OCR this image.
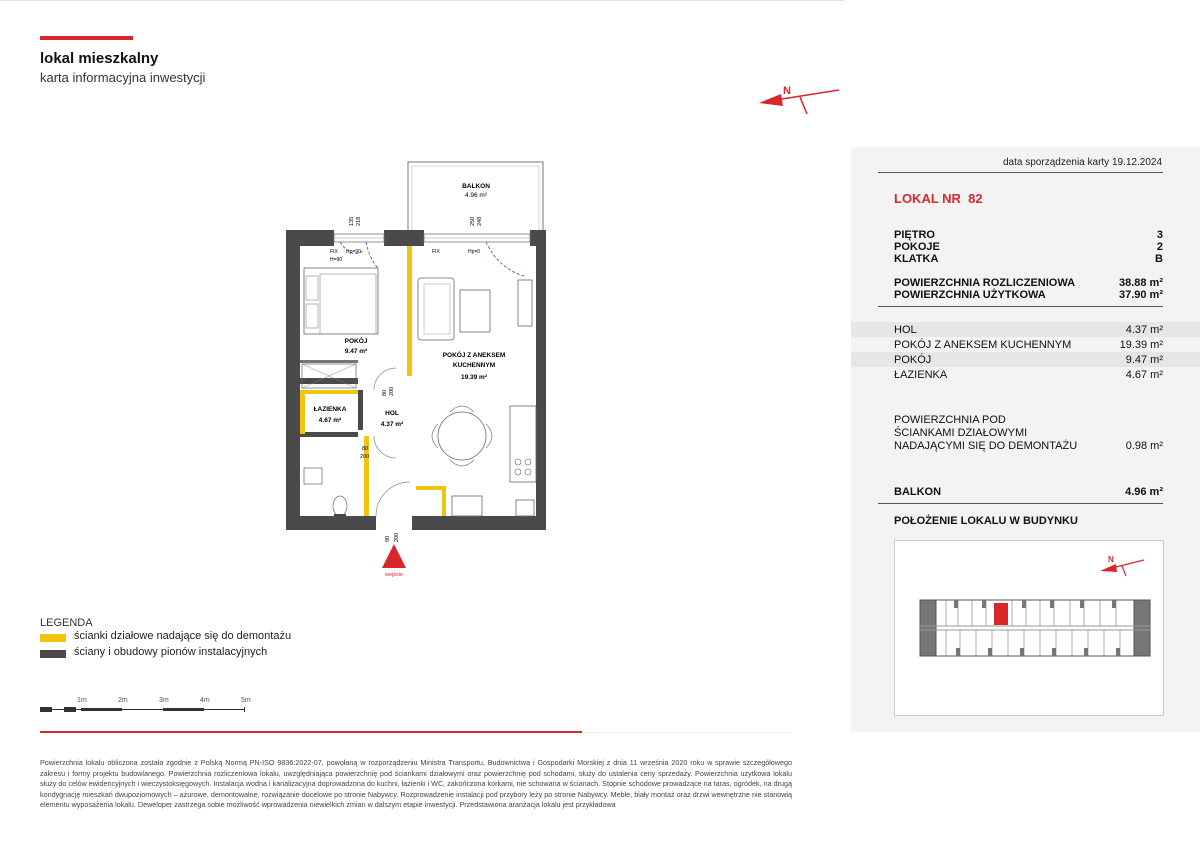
lokal mieszkalny
karta informacyjna inwestycji
N
BALKON
4.96 m²
POKÓJ
9.47 m²
POKÓJ Z ANEKSEM
KUCHENNYM
19.39 m²
ŁAZIENKA
4.67 m²
HOL
4.37 m²
135 218	250 248
FIX Hp=90
H=90
FIX	Hp=0
80 200
80
200
90 200
wejście
LEGENDA
ścianki działowe nadające się do demontażu
ściany i obudowy pionów instalacyjnych
1m	2m	3m	4m	5m
Powierzchnia lokalu obliczona została zgodnie z Polską Normą PN-ISO 9836:2022-07, powołaną w rozporządzeniu Ministra Transportu, Budownictwa i Gospodarki Morskiej z dnia 11 września 2020 roku w sprawie szczegółowego zakresu i formy projektu budowlanego. Powierzchnia rozliczeniowa lokalu, uwzględniająca powierzchnię pod ściankami działowymi oraz powierzchnię pod schodami, służy do ustalenia ceny sprzedaży. Powierzchnia użytkowa lokalu służy do celów ewidencyjnych i wieczystoksięgowych. Instalacja wodna i kanalizacyjna doprowadzona do kuchni, łazienki i WC, zakończona korkami, nie schowana w ścianach. Stopnie schodowe prowadzące na taras, ogródek, na drugą kondygnację mieszkań dwupoziomowych – ażurowe, demontowalne, rozwiązanie docelowe po stronie Nabywcy. Rozprowadzenie instalacji pod przybory leży po stronie Nabywcy. Meble, biały montaż oraz drzwi wewnętrzne nie stanowią elementu wyposażenia lokalu. Deweloper zastrzega sobie możliwość wprowadzenia niewielkich zmian w dalszym etapie inwestycji. Przedstawiona aranżacja lokalu jest przykładowa
data sporządzenia karty 19.12.2024
LOKAL NR  82
PIĘTRO	3
POKOJE	2
KLATKA	B
POWIERZCHNIA ROZLICZENIOWA	38.88 m²
POWIERZCHNIA UŻYTKOWA	37.90 m²
HOL	4.37 m²
POKÓJ Z ANEKSEM KUCHENNYM	19.39 m²
POKÓJ	9.47 m²
ŁAZIENKA	4.67 m²
POWIERZCHNIA POD
ŚCIANKAMI DZIAŁOWYMI
NADAJĄCYMI SIĘ DO DEMONTAŻU	0.98 m²
BALKON	4.96 m²
POŁOŻENIE LOKALU W BUDYNKU
N
